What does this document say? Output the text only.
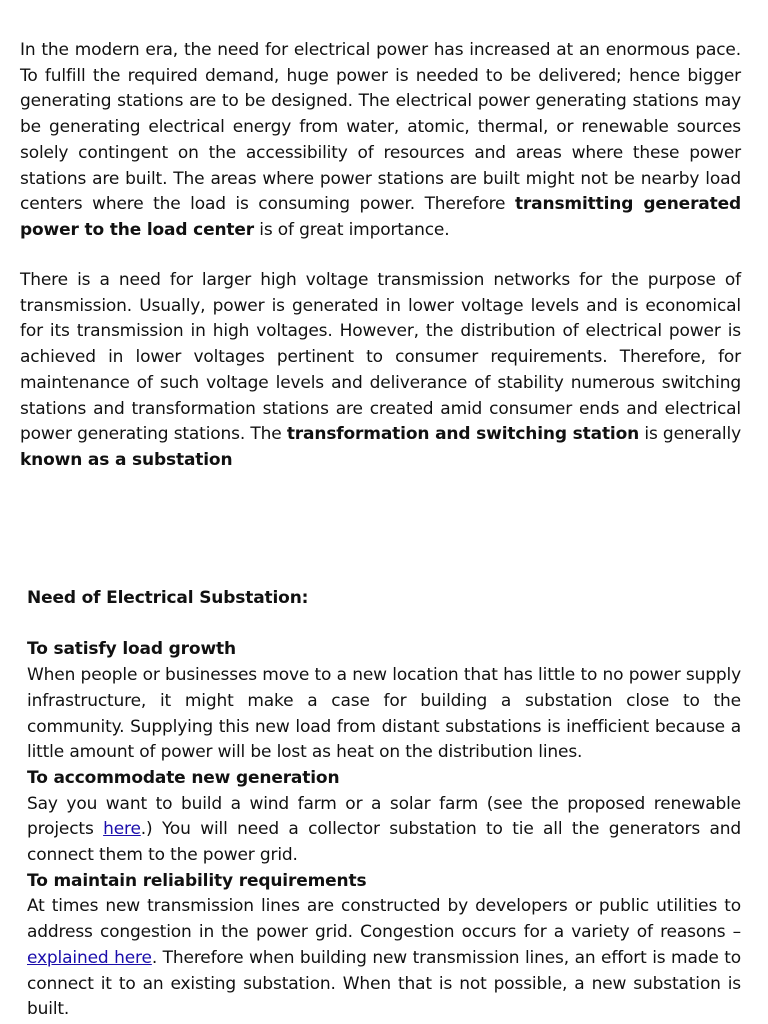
In the modern era, the need for electrical power has increased at an enormous pace. To fulfill the required demand, huge power is needed to be delivered; hence bigger generating stations are to be designed. The electrical power generating stations may be generating electrical energy from water, atomic, thermal, or renewable sources solely contingent on the accessibility of resources and areas where these power stations are built. The areas where power stations are built might not be nearby load centers where the load is consuming power. Therefore transmitting generated power to the load center is of great importance.

There is a need for larger high voltage transmission networks for the purpose of transmission. Usually, power is generated in lower voltage levels and is economical for its transmission in high voltages. However, the distribution of electrical power is achieved in lower voltages pertinent to consumer requirements. Therefore, for maintenance of such voltage levels and deliverance of stability numerous switching stations and transformation stations are created amid consumer ends and electrical power generating stations. The transformation and switching station is generally known as a substation

Need of Electrical Substation:

To satisfy load growth

When people or businesses move to a new location that has little to no power supply infrastructure, it might make a case for building a substation close to the community. Supplying this new load from distant substations is inefficient because a little amount of power will be lost as heat on the distribution lines.

To accommodate new generation

Say you want to build a wind farm or a solar farm (see the proposed renewable projects here.) You will need a collector substation to tie all the generators and connect them to the power grid.

To maintain reliability requirements

At times new transmission lines are constructed by developers or public utilities to address congestion in the power grid. Congestion occurs for a variety of reasons – explained here. Therefore when building new transmission lines, an effort is made to connect it to an existing substation. When that is not possible, a new substation is built.
